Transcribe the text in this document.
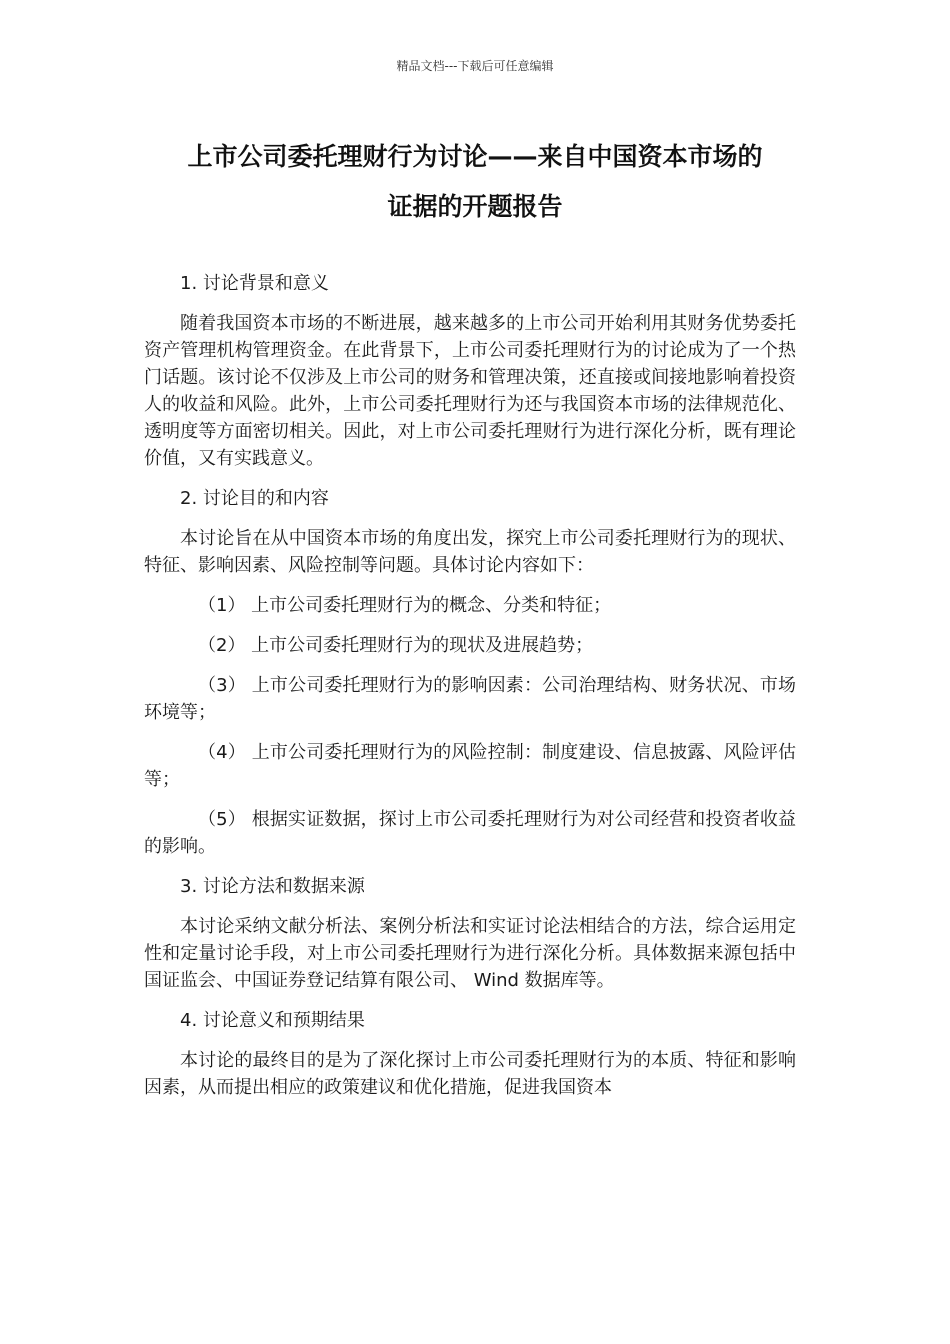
精品文档---下载后可任意编辑
上市公司委托理财行为讨论——来自中国资本市场的
证据的开题报告

1. 讨论背景和意义

随着我国资本市场的不断进展，越来越多的上市公司开始利用其财务优势委托资产管理机构管理资金。在此背景下，上市公司委托理财行为的讨论成为了一个热门话题。该讨论不仅涉及上市公司的财务和管理决策，还直接或间接地影响着投资人的收益和风险。此外，上市公司委托理财行为还与我国资本市场的法律规范化、透明度等方面密切相关。因此，对上市公司委托理财行为进行深化分析，既有理论价值，又有实践意义。

2. 讨论目的和内容

本讨论旨在从中国资本市场的角度出发，探究上市公司委托理财行为的现状、特征、影响因素、风险控制等问题。具体讨论内容如下：

（1） 上市公司委托理财行为的概念、分类和特征；

（2） 上市公司委托理财行为的现状及进展趋势；

（3） 上市公司委托理财行为的影响因素：公司治理结构、财务状况、市场环境等；

（4） 上市公司委托理财行为的风险控制：制度建设、信息披露、风险评估等；

（5） 根据实证数据，探讨上市公司委托理财行为对公司经营和投资者收益的影响。

3. 讨论方法和数据来源

本讨论采纳文献分析法、案例分析法和实证讨论法相结合的方法，综合运用定性和定量讨论手段，对上市公司委托理财行为进行深化分析。具体数据来源包括中国证监会、中国证券登记结算有限公司、 Wind 数据库等。

4. 讨论意义和预期结果

本讨论的最终目的是为了深化探讨上市公司委托理财行为的本质、特征和影响因素，从而提出相应的政策建议和优化措施，促进我国资本
